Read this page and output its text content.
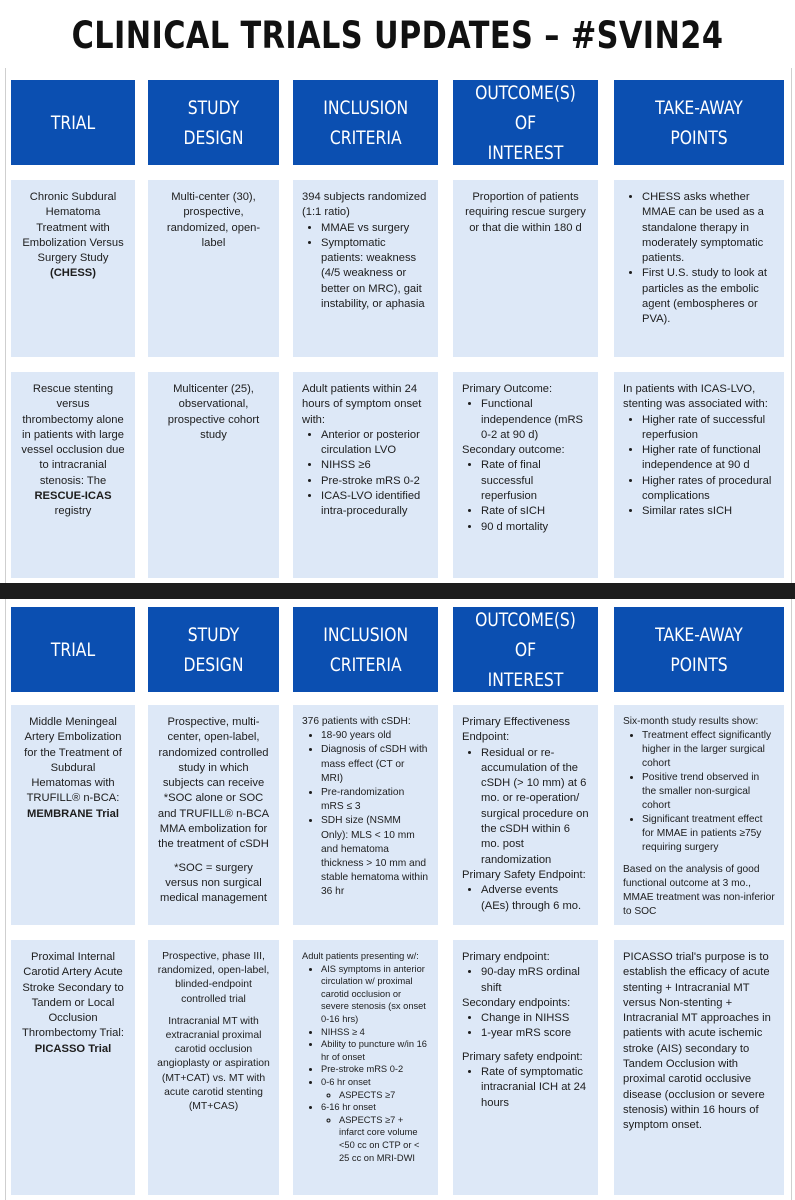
CLINICAL TRIALS UPDATES – #SVIN24
TRIAL
STUDY DESIGN
INCLUSION
CRITERIA
OUTCOME(S) OF
INTEREST
TAKE-AWAY POINTS

Chronic Subdural Hematoma Treatment with Embolization Versus Surgery Study
(CHESS)

Multi-center (30), prospective, randomized, open-label

394 subjects randomized (1:1 ratio)

• MMAE vs surgery
• Symptomatic patients: weakness (4/5 weakness or better on MRC), gait instability, or aphasia

Proportion of patients requiring rescue surgery or that die within 180 d

• CHESS asks whether MMAE can be used as a standalone therapy in moderately symptomatic patients.
• First U.S. study to look at particles as the embolic agent (embospheres or PVA).

Rescue stenting versus thrombectomy alone in patients with large vessel occlusion due to intracranial stenosis: The RESCUE-ICAS registry

Multicenter (25), observational, prospective cohort study

Adult patients within 24 hours of symptom onset with:

• Anterior or posterior circulation LVO
• NIHSS ≥6
• Pre-stroke mRS 0-2
• ICAS-LVO identified intra-procedurally

Primary Outcome:

• Functional independence (mRS 0-2 at 90 d)

Secondary outcome:

• Rate of final successful reperfusion
• Rate of sICH
• 90 d mortality

In patients with ICAS-LVO, stenting was associated with:

• Higher rate of successful reperfusion
• Higher rate of functional independence at 90 d
• Higher rates of procedural complications
• Similar rates sICH
TRIAL
STUDY DESIGN
INCLUSION
CRITERIA
OUTCOME(S) OF
INTEREST
TAKE-AWAY POINTS

Middle Meningeal Artery Embolization for the Treatment of Subdural Hematomas with TRUFILL® n-BCA:
MEMBRANE Trial

Prospective, multi-center, open-label, randomized controlled study in which subjects can receive

*SOC alone or SOC and TRUFILL® n-BCA MMA embolization for the treatment of cSDH

*SOC = surgery versus non surgical medical management

376 patients with cSDH:

• 18-90 years old
• Diagnosis of cSDH with mass effect (CT or MRI)
• Pre-randomization mRS ≤ 3
• SDH size (NSMM Only): MLS < 10 mm and hematoma thickness > 10 mm and stable hematoma within 36 hr

Primary Effectiveness Endpoint:

• Residual or re-accumulation of the cSDH (> 10 mm) at 6 mo. or re-operation/ surgical procedure on the cSDH within 6 mo. post randomization

Primary Safety Endpoint:

• Adverse events (AEs) through 6 mo.

Six-month study results show:

• Treatment effect significantly higher in the larger surgical cohort
• Positive trend observed in the smaller non-surgical cohort
• Significant treatment effect for MMAE in patients ≥75y requiring surgery

Based on the analysis of good functional outcome at 3 mo., MMAE treatment was non-inferior to SOC

Proximal Internal Carotid Artery Acute Stroke Secondary to Tandem or Local Occlusion Thrombectomy Trial:
PICASSO Trial

Prospective, phase III, randomized, open-label, blinded-endpoint controlled trial

Intracranial MT with extracranial proximal carotid occlusion angioplasty or aspiration (MT+CAT) vs. MT with acute carotid stenting (MT+CAS)

Adult patients presenting w/:

• AIS symptoms in anterior circulation w/ proximal carotid occlusion or severe stenosis (sx onset 0-16 hrs)
• NIHSS ≥ 4
• Ability to puncture w/in 16 hr of onset
• Pre-stroke mRS 0-2
• 0-6 hr onset
◦ ASPECTS ≥7
• 6-16 hr onset
◦ ASPECTS ≥7 + infarct core volume <50 cc on CTP or < 25 cc on MRI-DWI

Primary endpoint:

• 90-day mRS ordinal shift

Secondary endpoints:

• Change in NIHSS
• 1-year mRS score

Primary safety endpoint:

• Rate of symptomatic intracranial ICH at 24 hours

PICASSO trial's purpose is to establish the efficacy of acute stenting + Intracranial MT versus Non-stenting + Intracranial MT approaches in patients with acute ischemic stroke (AIS) secondary to Tandem Occlusion with proximal carotid occlusive disease (occlusion or severe stenosis) within 16 hours of symptom onset.
